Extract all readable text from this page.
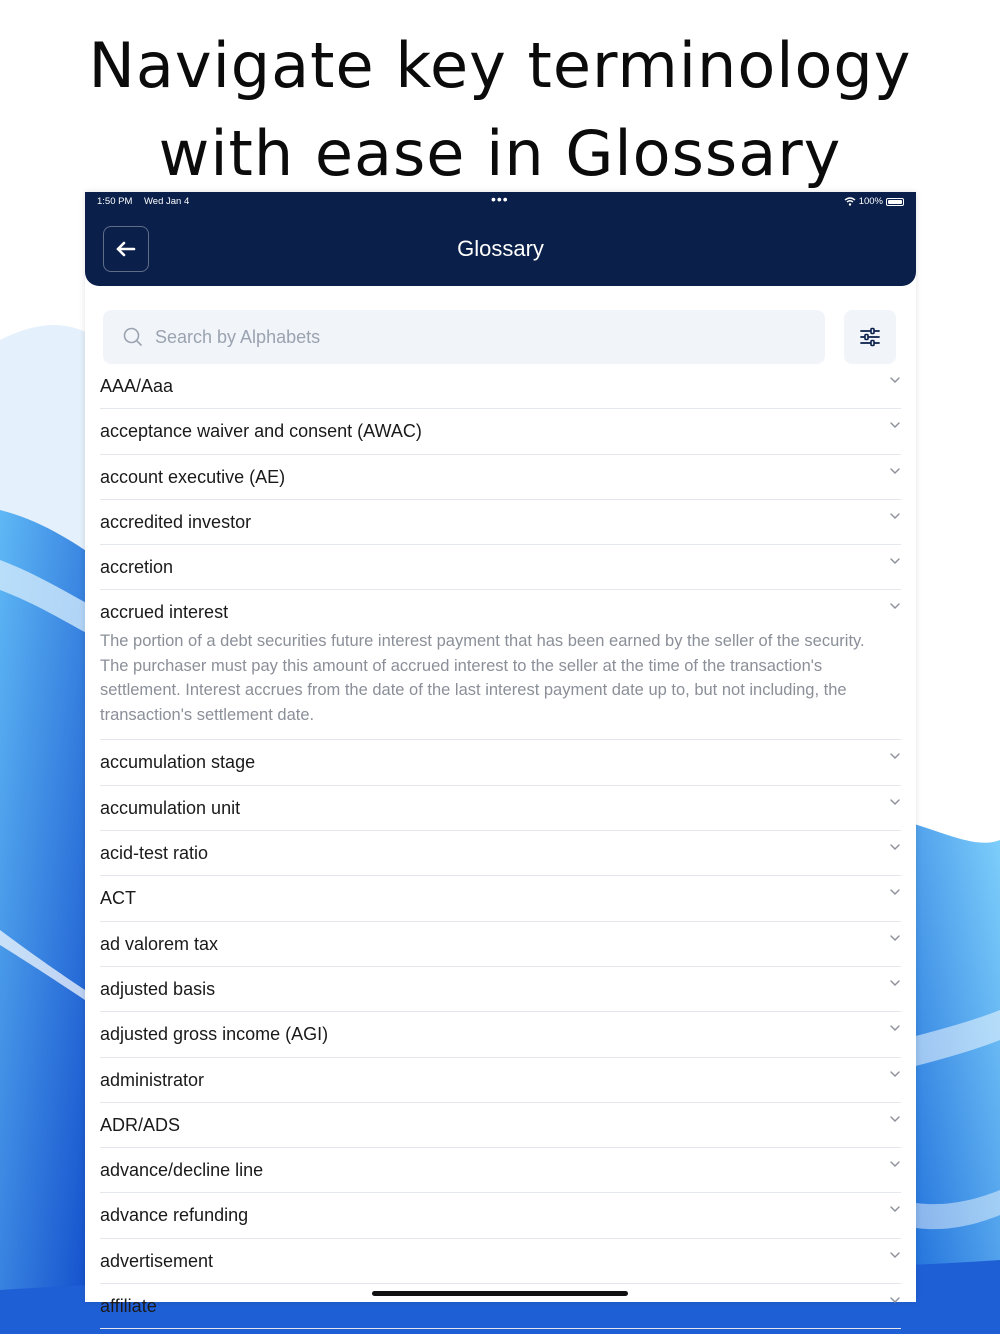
Navigate key terminology
with ease in Glossary
1:50 PM Wed Jan 4	•••	100%
Glossary
Search by Alphabets
AAA/Aaa
acceptance waiver and consent (AWAC)
account executive (AE)
accredited investor
accretion
accrued interest
The portion of a debt securities future interest payment that has been earned by the seller of the security. The purchaser must pay this amount of accrued interest to the seller at the time of the transaction's settlement. Interest accrues from the date of the last interest payment date up to, but not including, the transaction's settlement date.
accumulation stage
accumulation unit
acid-test ratio
ACT
ad valorem tax
adjusted basis
adjusted gross income (AGI)
administrator
ADR/ADS
advance/decline line
advance refunding
advertisement
affiliate
